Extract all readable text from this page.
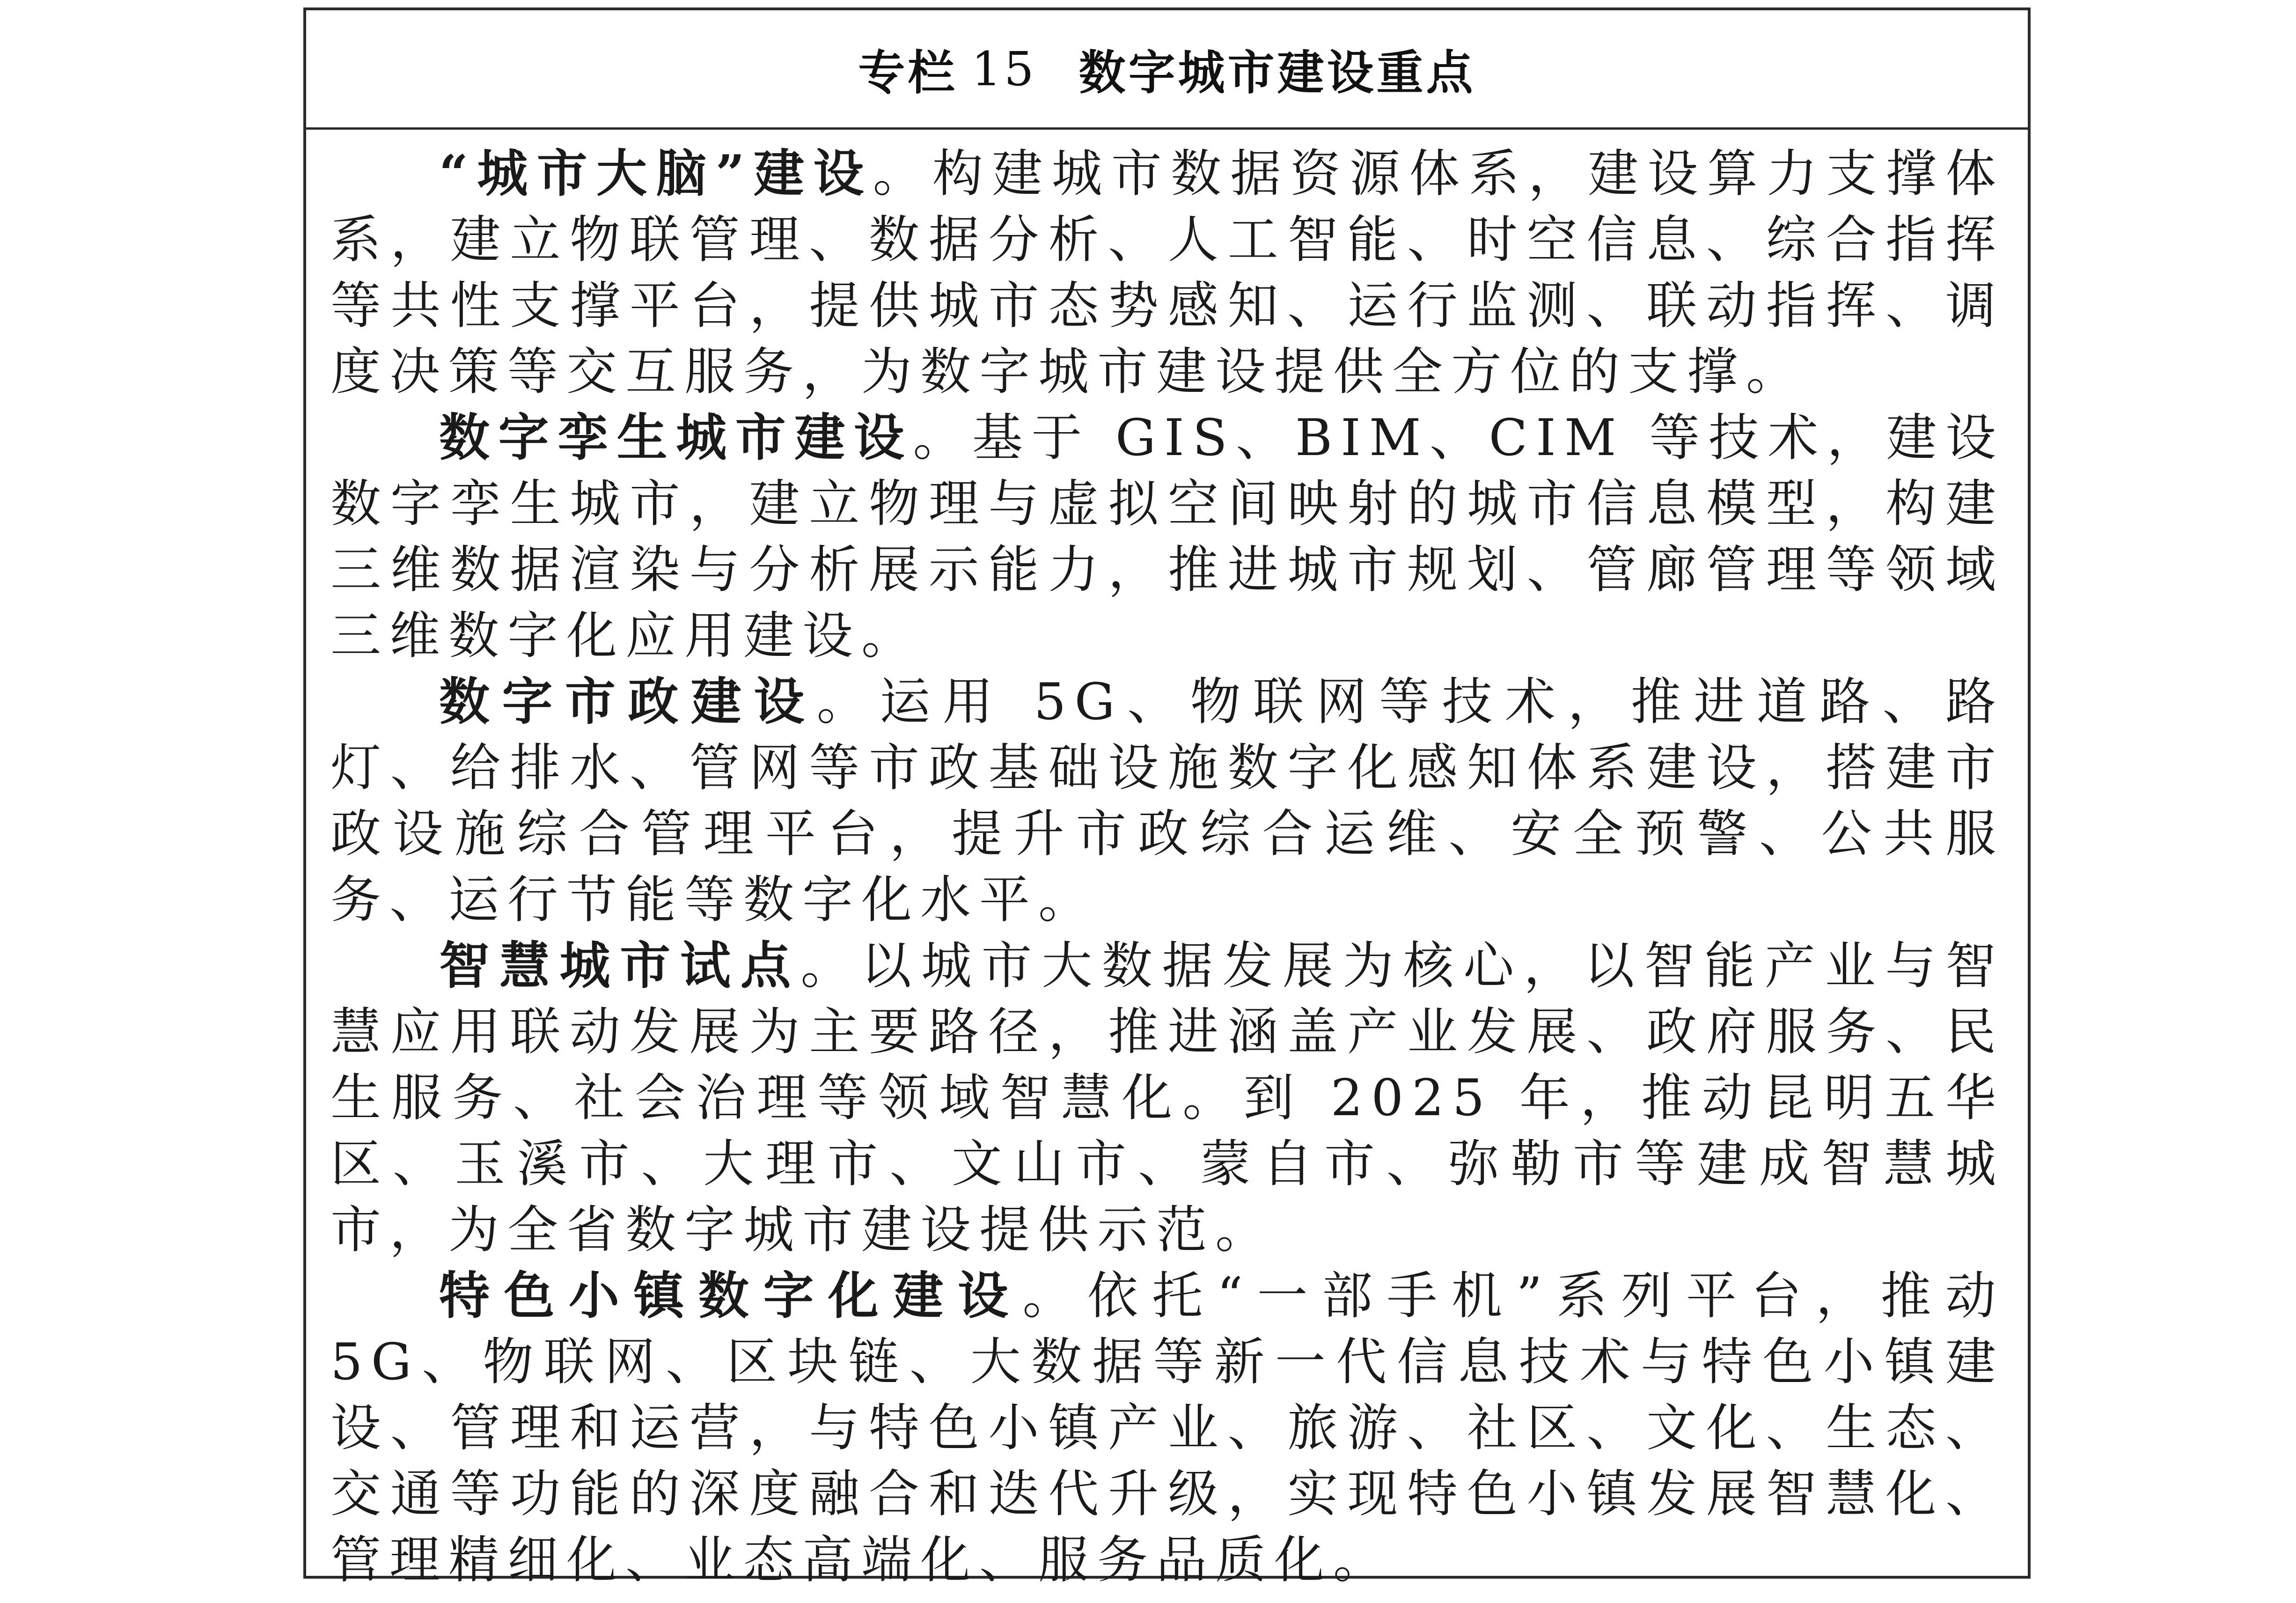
专栏 15 数字城市建设重点

“城市大脑”建设。构建城市数据资源体系，建设算力支撑体系，建立物联管理、数据分析、人工智能、时空信息、综合指挥等共性支撑平台，提供城市态势感知、运行监测、联动指挥、调度决策等交互服务，为数字城市建设提供全方位的支撑。

数字孪生城市建设。基于 GIS、BIM、CIM 等技术，建设数字孪生城市，建立物理与虚拟空间映射的城市信息模型，构建三维数据渲染与分析展示能力，推进城市规划、管廊管理等领域三维数字化应用建设。

数字市政建设。运用 5G、物联网等技术，推进道路、路灯、给排水、管网等市政基础设施数字化感知体系建设，搭建市政设施综合管理平台，提升市政综合运维、安全预警、公共服务、运行节能等数字化水平。

智慧城市试点。以城市大数据发展为核心，以智能产业与智慧应用联动发展为主要路径，推进涵盖产业发展、政府服务、民生服务、社会治理等领域智慧化。到 2025 年，推动昆明五华区、玉溪市、大理市、文山市、蒙自市、弥勒市等建成智慧城市，为全省数字城市建设提供示范。

特色小镇数字化建设。依托“一部手机”系列平台，推动 5G、物联网、区块链、大数据等新一代信息技术与特色小镇建设、管理和运营，与特色小镇产业、旅游、社区、文化、生态、交通等功能的深度融合和迭代升级，实现特色小镇发展智慧化、管理精细化、业态高端化、服务品质化。
